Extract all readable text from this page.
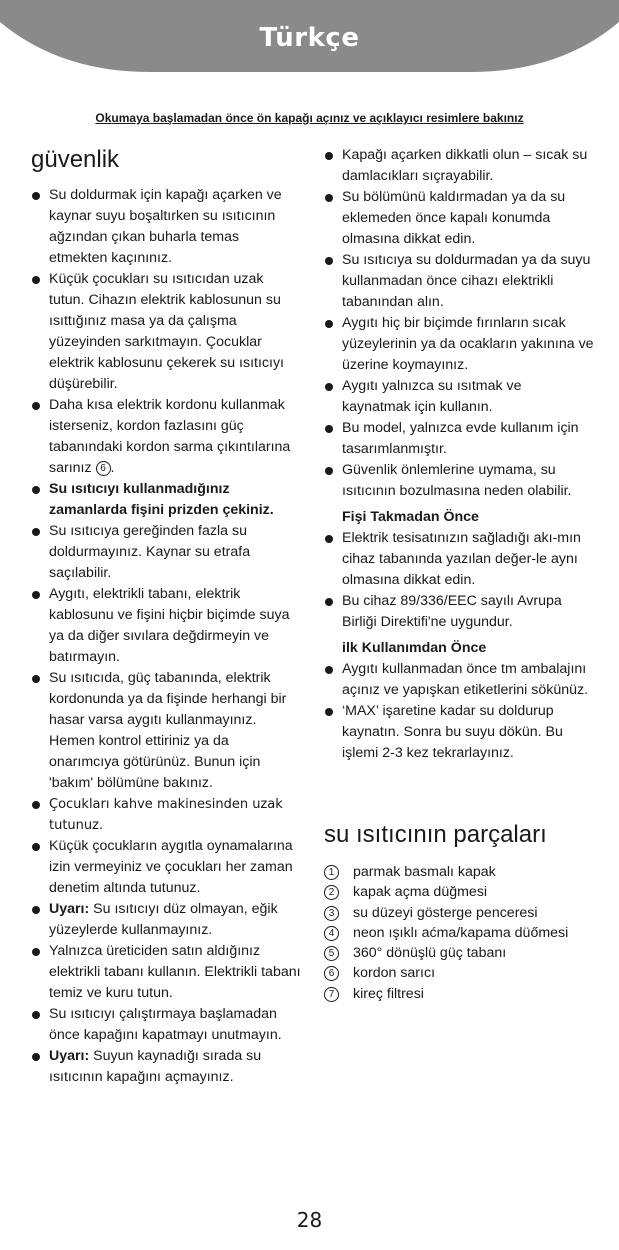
Türkçe
Okumaya başlamadan önce ön kapağı açınız ve açıklayıcı resimlere bakınız
güvenlik
Su doldurmak için kapağı açarken ve kaynar suyu boşaltırken su ısıtıcının ağzından çıkan buharla temas etmekten kaçınınız.
Küçük çocukları su ısıtıcıdan uzak tutun. Cihazın elektrik kablosunun su ısıttığınız masa ya da çalışma yüzeyinden sarkıtmayın. Çocuklar elektrik kablosunu çekerek su ısıtıcıyı düşürebilir.
Daha kısa elektrik kordonu kullanmak isterseniz, kordon fazlasını güç tabanındaki kordon sarma çıkıntılarına sarınız 6 .
Su ısıtıcıyı kullanmadığınız zamanlarda fişini prizden çekiniz.
Su ısıtıcıya gereğinden fazla su doldurmayınız. Kaynar su etrafa saçılabilir.
Aygıtı, elektrikli tabanı, elektrik kablosunu ve fişini hiçbir biçimde suya ya da diğer sıvılara değdirmeyin ve batırmayın.
Su ısıtıcıda, güç tabanında, elektrik kordonunda ya da fişinde herhangi bir hasar varsa aygıtı kullanmayınız. Hemen kontrol ettiriniz ya da onarımcıya götürünüz. Bunun için 'bakım' bölümüne bakınız.
Çocukları kahve makinesinden uzak tutunuz.
Küçük çocukların aygıtla oynamalarına izin vermeyiniz ve çocukları her zaman denetim altında tutunuz.
Uyarı: Su ısıtıcıyı düz olmayan, eğik yüzeylerde kullanmayınız.
Yalnızca üreticiden satın aldığınız elektrikli tabanı kullanın. Elektrikli tabanı temiz ve kuru tutun.
Su ısıtıcıyı çalıştırmaya başlamadan önce kapağını kapatmayı unutmayın.
Uyarı: Suyun kaynadığı sırada su ısıtıcının kapağını açmayınız.
Kapağı açarken dikkatli olun – sıcak su damlacıkları sıçrayabilir.
Su bölümünü kaldırmadan ya da su eklemeden önce kapalı konumda olmasına dikkat edin.
Su ısıtıcıya su doldurmadan ya da suyu kullanmadan önce cihazı elektrikli tabanından alın.
Aygıtı hiç bir biçimde fırınların sıcak yüzeylerinin ya da ocakların yakınına ve üzerine koymayınız.
Aygıtı yalnızca su ısıtmak ve kaynatmak için kullanın.
Bu model, yalnızca evde kullanım için tasarımlanmıştır.
Güvenlik önlemlerine uymama, su ısıtıcının bozulmasına neden olabilir.

Fişi Takmadan Önce

Elektrik tesisatınızın sağladığı akı-mın cihaz tabanında yazılan değer-le aynı olmasına dikkat edin.
Bu cihaz 89/336/EEC sayılı Avrupa Birliği Direktifi'ne uygundur.

ilk Kullanımdan Önce

Aygıtı kullanmadan önce tm ambalajını açınız ve yapışkan etiketlerini sökünüz.
‘MAX’ işaretine kadar su doldurup kaynatın. Sonra bu suyu dökün. Bu işlemi 2-3 kez tekrarlayınız.
su ısıtıcının parçaları
1	parmak basmalı kapak
2	kapak açma düğmesi
3	su düzeyi gösterge penceresi
4	neon ışıklı aćma/kapama düőmesi
5	360° dönüşlü güç tabanı
6	kordon sarıcı
7	kireç filtresi
28
